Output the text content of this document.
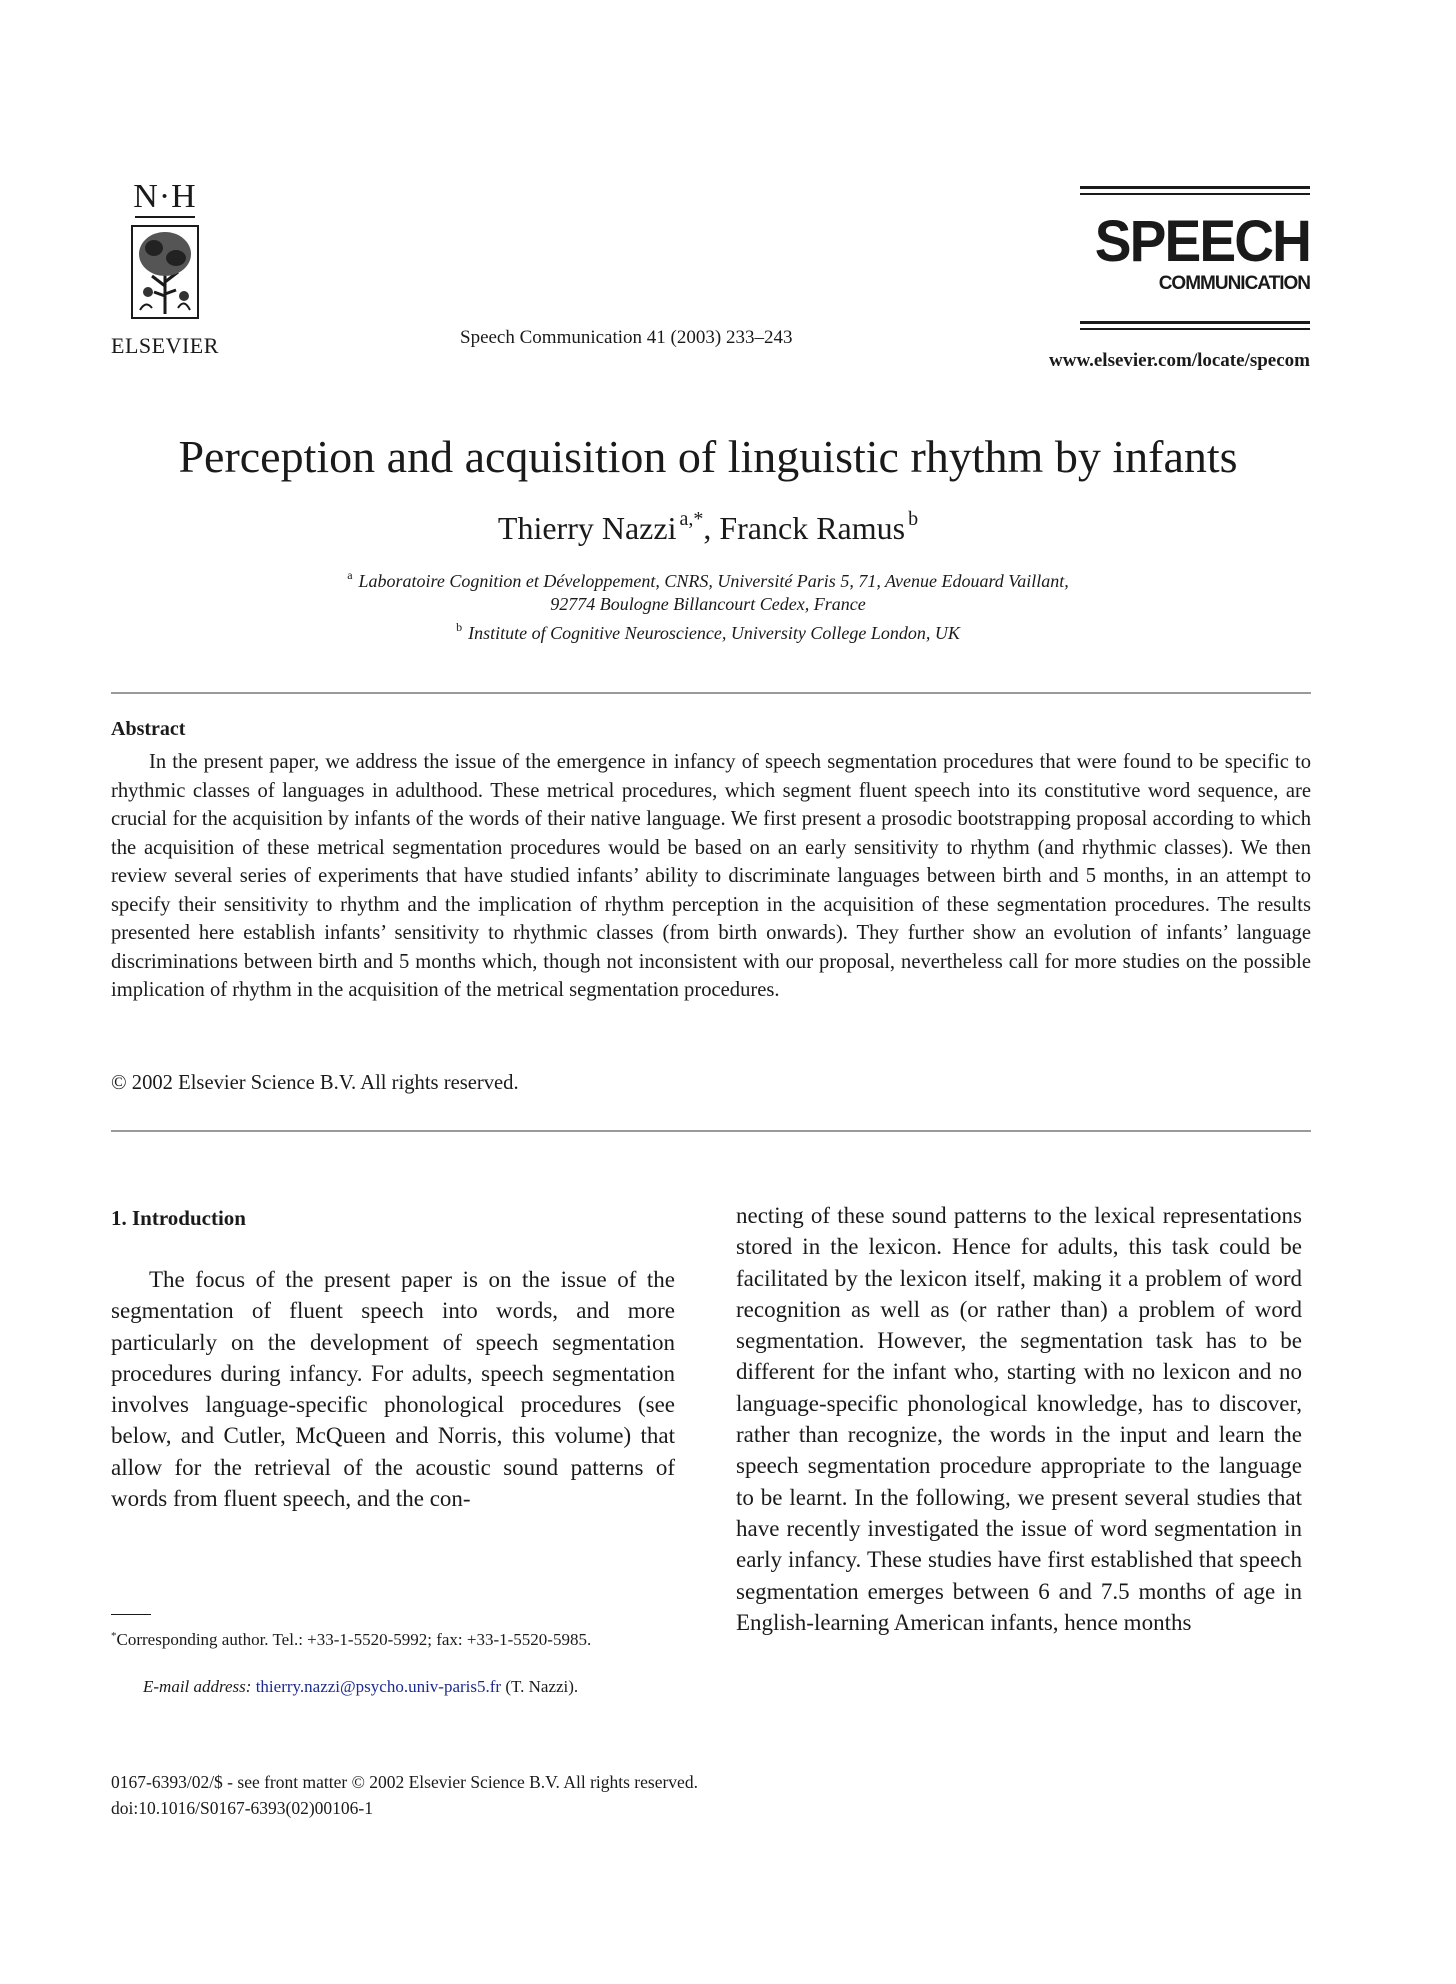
N·H
ELSEVIER	Speech Communication 41 (2003) 233–243
SPEECH
COMMUNICATION
www.elsevier.com/locate/specom
Perception and acquisition of linguistic rhythm by infants
Thierry Nazzi $^{a,*}$, Franck Ramus $^b$
$^a$ Laboratoire Cognition et Développement, CNRS, Université Paris 5, 71, Avenue Edouard Vaillant,
92774 Boulogne Billancourt Cedex, France
$^b$ Institute of Cognitive Neuroscience, University College London, UK
Abstract
In the present paper, we address the issue of the emergence in infancy of speech segmentation procedures that were found to be specific to rhythmic classes of languages in adulthood. These metrical procedures, which segment fluent speech into its constitutive word sequence, are crucial for the acquisition by infants of the words of their native language. We first present a prosodic bootstrapping proposal according to which the acquisition of these metrical segmentation procedures would be based on an early sensitivity to rhythm (and rhythmic classes). We then review several series of experiments that have studied infants’ ability to discriminate languages between birth and 5 months, in an attempt to specify their sensitivity to rhythm and the implication of rhythm perception in the acquisition of these segmentation procedures. The results presented here establish infants’ sensitivity to rhythmic classes (from birth onwards). They further show an evolution of infants’ language discriminations between birth and 5 months which, though not inconsistent with our proposal, nevertheless call for more studies on the possible implication of rhythm in the acquisition of the metrical segmentation procedures.
© 2002 Elsevier Science B.V. All rights reserved.
1. Introduction
The focus of the present paper is on the issue of the segmentation of fluent speech into words, and more particularly on the development of speech segmentation procedures during infancy. For adults, speech segmentation involves language-specific phonological procedures (see below, and Cutler, McQueen and Norris, this volume) that allow for the retrieval of the acoustic sound patterns of words from fluent speech, and the con-
necting of these sound patterns to the lexical representations stored in the lexicon. Hence for adults, this task could be facilitated by the lexicon itself, making it a problem of word recognition as well as (or rather than) a problem of word segmentation. However, the segmentation task has to be different for the infant who, starting with no lexicon and no language-specific phonological knowledge, has to discover, rather than recognize, the words in the input and learn the speech segmentation procedure appropriate to the language to be learnt. In the following, we present several studies that have recently investigated the issue of word segmentation in early infancy. These studies have first established that speech segmentation emerges between 6 and 7.5 months of age in English-learning American infants, hence months
*Corresponding author. Tel.: +33-1-5520-5992; fax: +33-1-5520-5985.
E-mail address: thierry.nazzi@psycho.univ-paris5.fr (T. Nazzi).
0167-6393/02/$ - see front matter © 2002 Elsevier Science B.V. All rights reserved.
doi:10.1016/S0167-6393(02)00106-1
